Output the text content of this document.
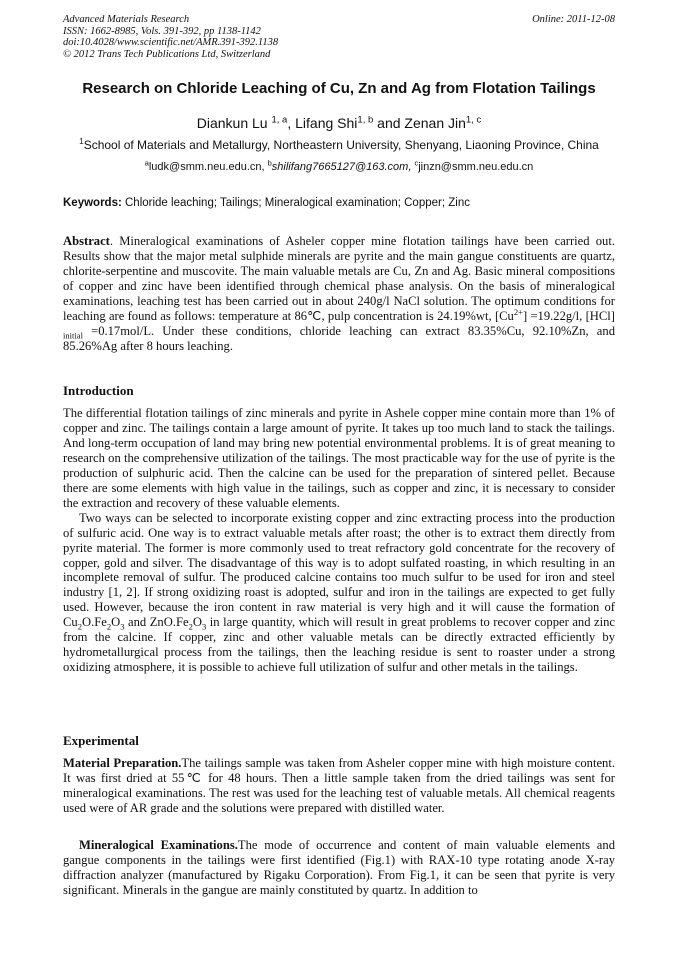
Advanced Materials Research
ISSN: 1662-8985, Vols. 391-392, pp 1138-1142
doi:10.4028/www.scientific.net/AMR.391-392.1138
© 2012 Trans Tech Publications Ltd, Switzerland
Online: 2011-12-08
Research on Chloride Leaching of Cu, Zn and Ag from Flotation Tailings
Diankun Lu $^{1, a}$, Lifang Shi$^{1, b}$ and Zenan Jin$^{1, c}$
$^1$School of Materials and Metallurgy, Northeastern University, Shenyang, Liaoning Province, China
$^a$ludk@smm.neu.edu.cn, $^b$shilifang7665127@163.com, $^c$jinzn@smm.neu.edu.cn
Keywords: Chloride leaching; Tailings; Mineralogical examination; Copper; Zinc

Abstract. Mineralogical examinations of Asheler copper mine flotation tailings have been carried out. Results show that the major metal sulphide minerals are pyrite and the main gangue constituents are quartz, chlorite-serpentine and muscovite. The main valuable metals are Cu, Zn and Ag. Basic mineral compositions of copper and zinc have been identified through chemical phase analysis. On the basis of mineralogical examinations, leaching test has been carried out in about 240g/l NaCl solution. The optimum conditions for leaching are found as follows: temperature at 86℃, pulp concentration is 24.19%wt, $[Cu^{2+}] =19.22g/l$, [HCl] $_{initial}$ =0.17mol/L. Under these conditions, chloride leaching can extract 83.35%Cu, 92.10%Zn, and 85.26%Ag after 8 hours leaching.

Introduction

The differential flotation tailings of zinc minerals and pyrite in Ashele copper mine contain more than 1% of copper and zinc. The tailings contain a large amount of pyrite. It takes up too much land to stack the tailings. And long-term occupation of land may bring new potential environmental problems. It is of great meaning to research on the comprehensive utilization of the tailings. The most practicable way for the use of pyrite is the production of sulphuric acid. Then the calcine can be used for the preparation of sintered pellet. Because there are some elements with high value in the tailings, such as copper and zinc, it is necessary to consider the extraction and recovery of these valuable elements.

Two ways can be selected to incorporate existing copper and zinc extracting process into the production of sulfuric acid. One way is to extract valuable metals after roast; the other is to extract them directly from pyrite material. The former is more commonly used to treat refractory gold concentrate for the recovery of copper, gold and silver. The disadvantage of this way is to adopt sulfated roasting, in which resulting in an incomplete removal of sulfur. The produced calcine contains too much sulfur to be used for iron and steel industry [1, 2]. If strong oxidizing roast is adopted, sulfur and iron in the tailings are expected to get fully used. However, because the iron content in raw material is very high and it will cause the formation of $Cu_2O.Fe_2O_3$ and $ZnO.Fe_2O_3$ in large quantity, which will result in great problems to recover copper and zinc from the calcine. If copper, zinc and other valuable metals can be directly extracted efficiently by hydrometallurgical process from the tailings, then the leaching residue is sent to roaster under a strong oxidizing atmosphere, it is possible to achieve full utilization of sulfur and other metals in the tailings.

Experimental

Material Preparation.The tailings sample was taken from Asheler copper mine with high moisture content. It was first dried at 55℃ for 48 hours. Then a little sample taken from the dried tailings was sent for mineralogical examinations. The rest was used for the leaching test of valuable metals. All chemical reagents used were of AR grade and the solutions were prepared with distilled water.

Mineralogical Examinations.The mode of occurrence and content of main valuable elements and gangue components in the tailings were first identified (Fig.1) with RAX-10 type rotating anode X-ray diffraction analyzer (manufactured by Rigaku Corporation). From Fig.1, it can be seen that pyrite is very significant. Minerals in the gangue are mainly constituted by quartz. In addition to
